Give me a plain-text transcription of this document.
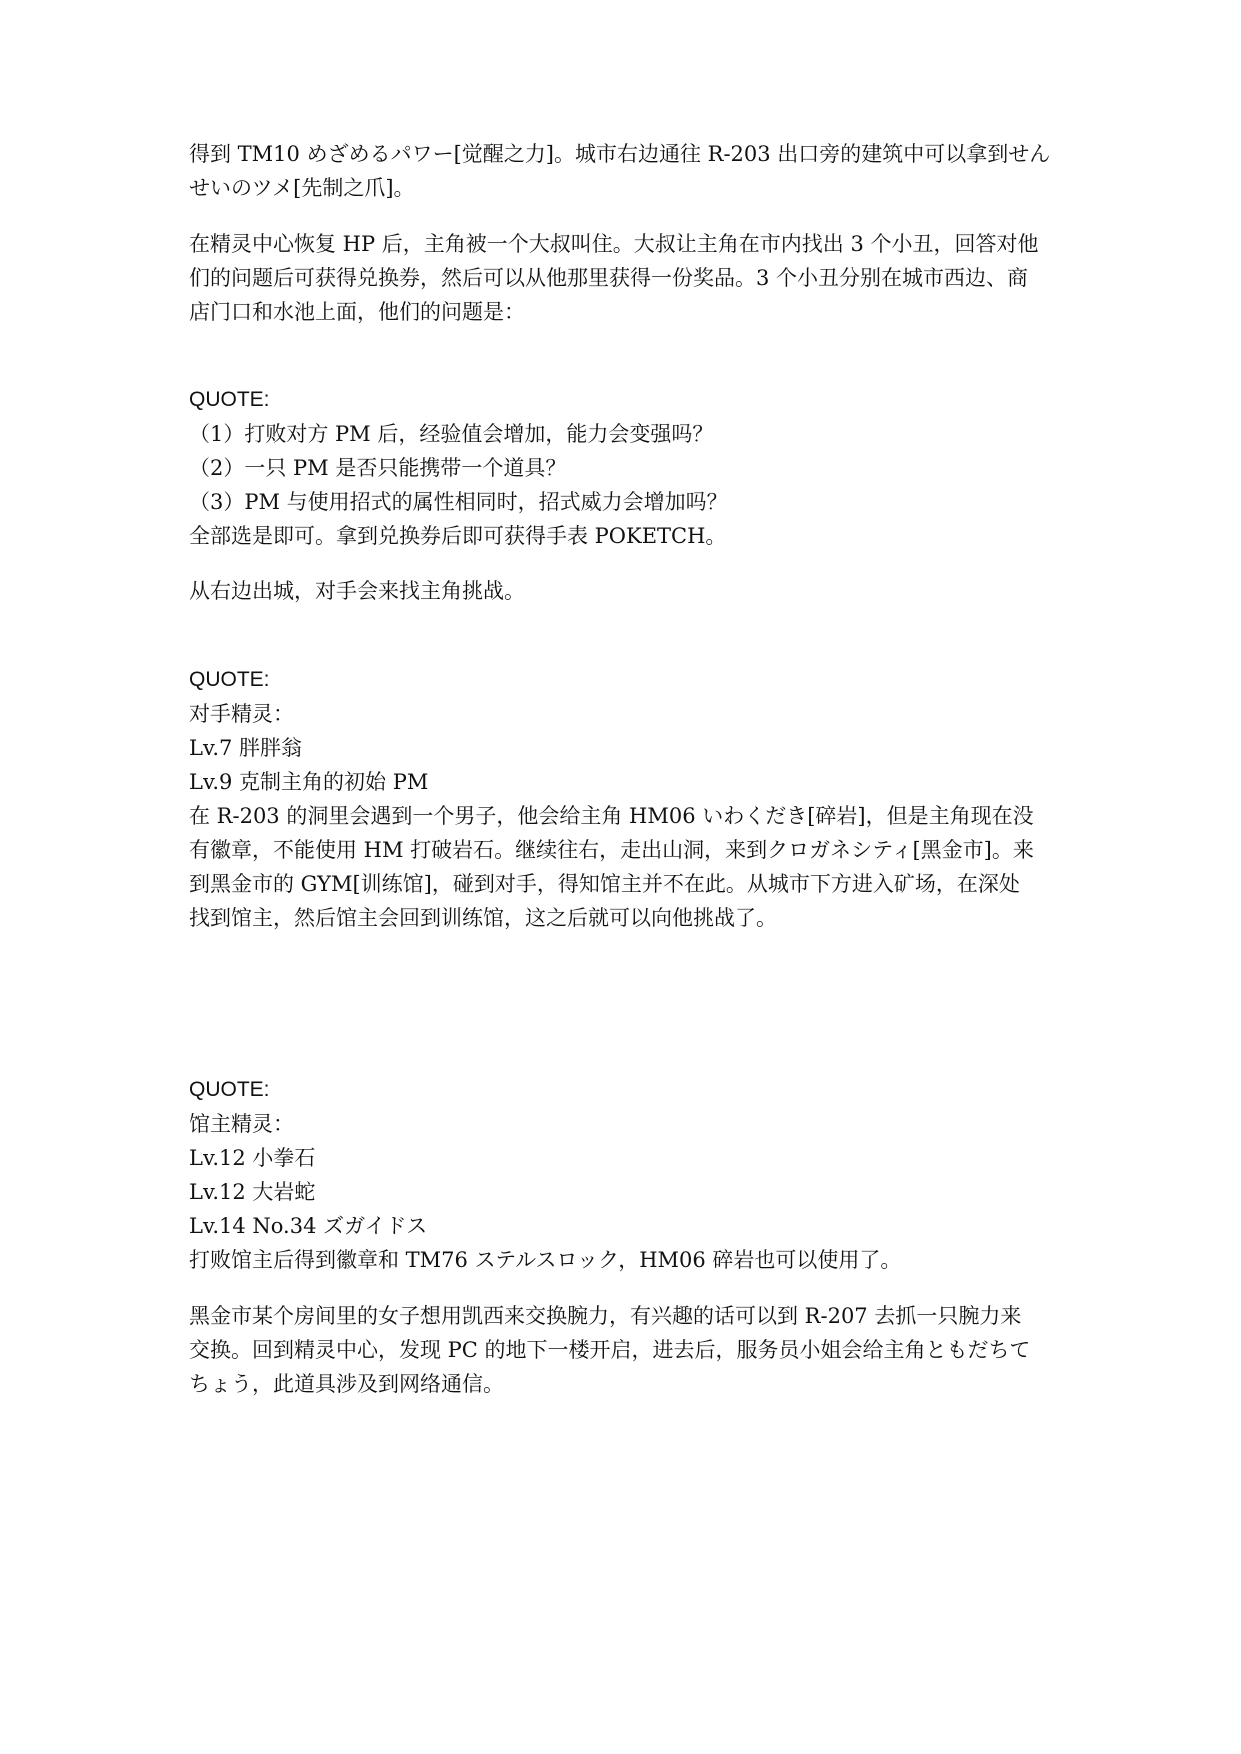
得到 TM10 めざめるパワー[觉醒之力]。城市右边通往 R-203 出口旁的建筑中可以拿到せん
せいのツメ[先制之爪]。
在精灵中心恢复 HP 后，主角被一个大叔叫住。大叔让主角在市内找出 3 个小丑，回答对他
们的问题后可获得兑换券，然后可以从他那里获得一份奖品。3 个小丑分别在城市西边、商
店门口和水池上面，他们的问题是：
QUOTE:
（1）打败对方 PM 后，经验值会增加，能力会变强吗？
（2）一只 PM 是否只能携带一个道具？
（3）PM 与使用招式的属性相同时，招式威力会增加吗？
全部选是即可。拿到兑换券后即可获得手表 POKETCH。
从右边出城，对手会来找主角挑战。
QUOTE:
对手精灵：
Lv.7 胖胖翁
Lv.9 克制主角的初始 PM
在 R-203 的洞里会遇到一个男子，他会给主角 HM06 いわくだき[碎岩]，但是主角现在没
有徽章，不能使用 HM 打破岩石。继续往右，走出山洞，来到クロガネシティ[黑金市]。来
到黑金市的 GYM[训练馆]，碰到对手，得知馆主并不在此。从城市下方进入矿场，在深处
找到馆主，然后馆主会回到训练馆，这之后就可以向他挑战了。
QUOTE:
馆主精灵：
Lv.12 小拳石
Lv.12 大岩蛇
Lv.14 No.34 ズガイドス
打败馆主后得到徽章和 TM76 ステルスロック，HM06 碎岩也可以使用了。
黑金市某个房间里的女子想用凯西来交换腕力，有兴趣的话可以到 R-207 去抓一只腕力来
交换。回到精灵中心，发现 PC 的地下一楼开启，进去后，服务员小姐会给主角ともだちて
ちょう，此道具涉及到网络通信。
